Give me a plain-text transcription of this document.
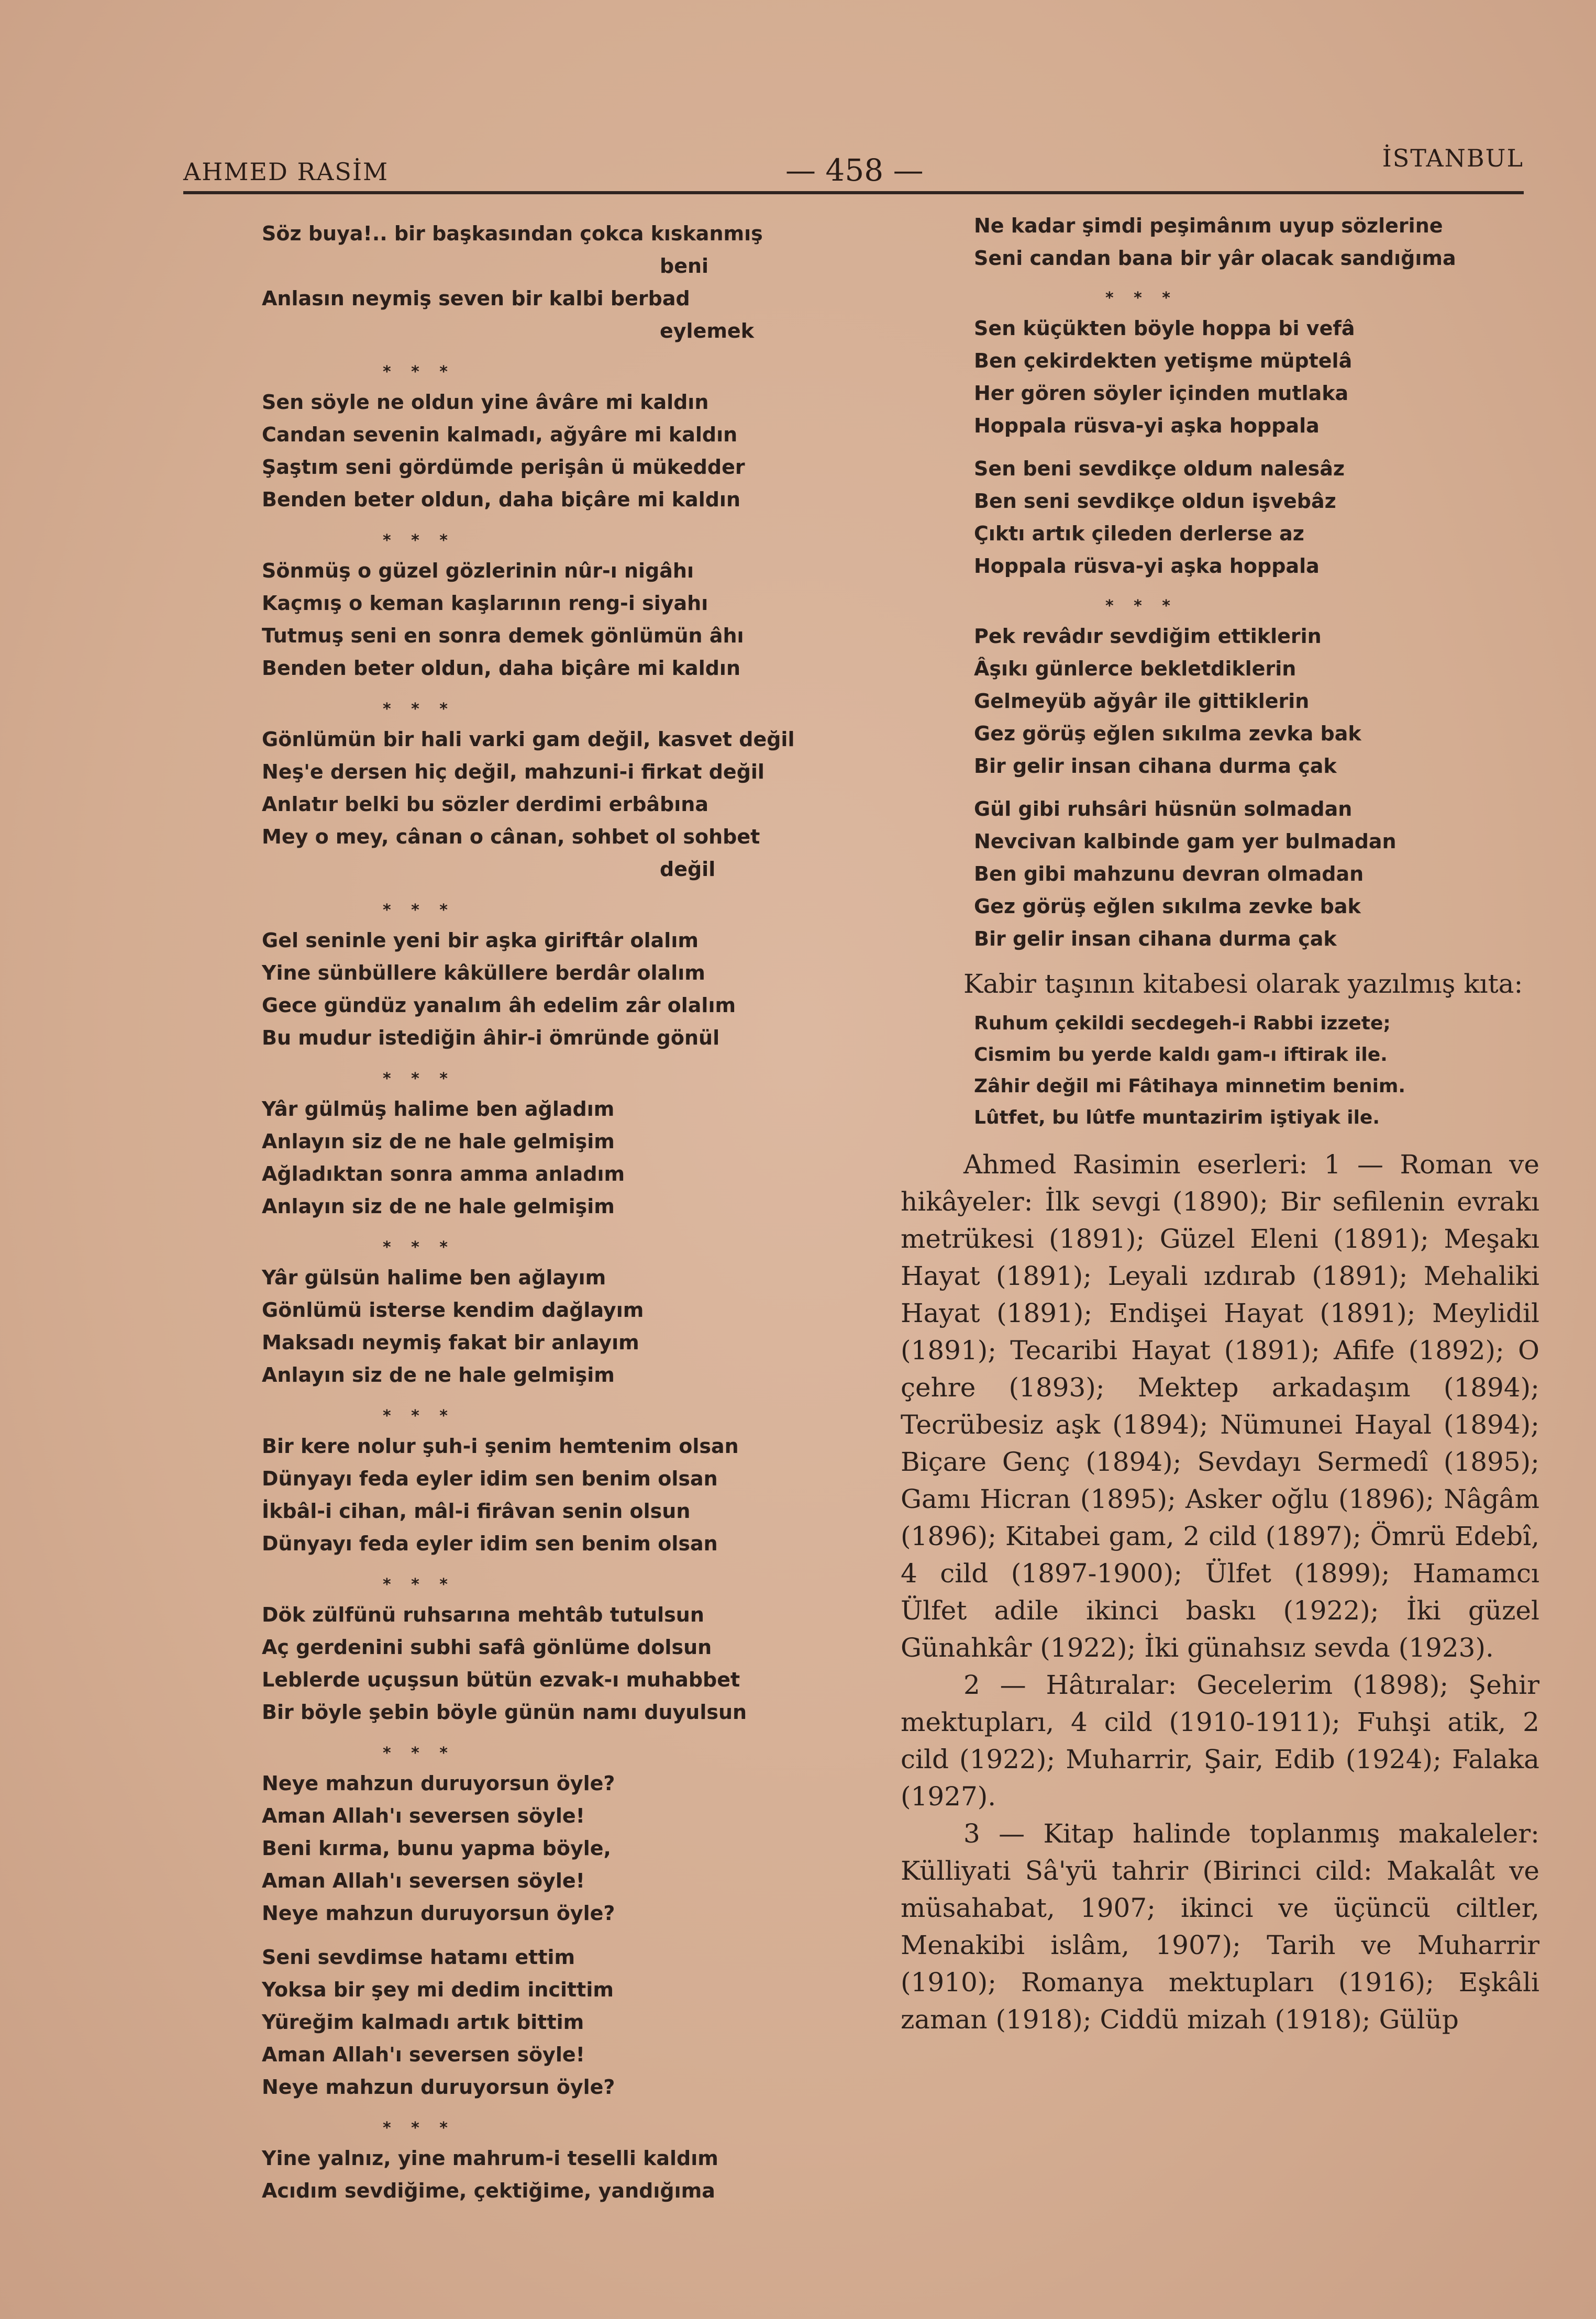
AHMED RASİM	— 458 —	İSTANBUL
Söz buya!.. bir başkasından çokca kıskanmış
beni
Anlasın neymiş seven bir kalbi berbad
eylemek
* * *
Sen söyle ne oldun yine âvâre mi kaldın
Candan sevenin kalmadı, ağyâre mi kaldın
Şaştım seni gördümde perişân ü mükedder
Benden beter oldun, daha biçâre mi kaldın
* * *
Sönmüş o güzel gözlerinin nûr-ı nigâhı
Kaçmış o keman kaşlarının reng-i siyahı
Tutmuş seni en sonra demek gönlümün âhı
Benden beter oldun, daha biçâre mi kaldın
* * *
Gönlümün bir hali varki gam değil, kasvet değil
Neş'e dersen hiç değil, mahzuni-i firkat değil
Anlatır belki bu sözler derdimi erbâbına
Mey o mey, cânan o cânan, sohbet ol sohbet
değil
* * *
Gel seninle yeni bir aşka giriftâr olalım
Yine sünbüllere kâküllere berdâr olalım
Gece gündüz yanalım âh edelim zâr olalım
Bu mudur istediğin âhir-i ömründe gönül
* * *
Yâr gülmüş halime ben ağladım
Anlayın siz de ne hale gelmişim
Ağladıktan sonra amma anladım
Anlayın siz de ne hale gelmişim
* * *
Yâr gülsün halime ben ağlayım
Gönlümü isterse kendim dağlayım
Maksadı neymiş fakat bir anlayım
Anlayın siz de ne hale gelmişim
* * *
Bir kere nolur şuh-i şenim hemtenim olsan
Dünyayı feda eyler idim sen benim olsan
İkbâl-i cihan, mâl-i firâvan senin olsun
Dünyayı feda eyler idim sen benim olsan
* * *
Dök zülfünü ruhsarına mehtâb tutulsun
Aç gerdenini subhi safâ gönlüme dolsun
Leblerde uçuşsun bütün ezvak-ı muhabbet
Bir böyle şebin böyle günün namı duyulsun
* * *
Neye mahzun duruyorsun öyle?
Aman Allah'ı seversen söyle!
Beni kırma, bunu yapma böyle,
Aman Allah'ı seversen söyle!
Neye mahzun duruyorsun öyle?
Seni sevdimse hatamı ettim
Yoksa bir şey mi dedim incittim
Yüreğim kalmadı artık bittim
Aman Allah'ı seversen söyle!
Neye mahzun duruyorsun öyle?
* * *
Yine yalnız, yine mahrum-i teselli kaldım
Acıdım sevdiğime, çektiğime, yandığıma
Ne kadar şimdi peşimânım uyup sözlerine
Seni candan bana bir yâr olacak sandığıma
* * *
Sen küçükten böyle hoppa bi vefâ
Ben çekirdekten yetişme müptelâ
Her gören söyler içinden mutlaka
Hoppala rüsva-yi aşka hoppala
Sen beni sevdikçe oldum nalesâz
Ben seni sevdikçe oldun işvebâz
Çıktı artık çileden derlerse az
Hoppala rüsva-yi aşka hoppala
* * *
Pek revâdır sevdiğim ettiklerin
Âşıkı günlerce bekletdiklerin
Gelmeyüb ağyâr ile gittiklerin
Gez görüş eğlen sıkılma zevka bak
Bir gelir insan cihana durma çak
Gül gibi ruhsâri hüsnün solmadan
Nevcivan kalbinde gam yer bulmadan
Ben gibi mahzunu devran olmadan
Gez görüş eğlen sıkılma zevke bak
Bir gelir insan cihana durma çak

Kabir taşının kitabesi olarak yazılmış kıta:

Ruhum çekildi secdegeh-i Rabbi izzete;
Cismim bu yerde kaldı gam-ı iftirak ile.
Zâhir değil mi Fâtihaya minnetim benim.
Lûtfet, bu lûtfe muntazirim iştiyak ile.

Ahmed Rasimin eserleri: 1 — Roman ve hikâyeler: İlk sevgi (1890); Bir sefilenin evrakı metrükesi (1891); Güzel Eleni (1891); Meşakı Hayat (1891); Leyali ızdırab (1891); Mehaliki Hayat (1891); Endişei Hayat (1891); Meylidil (1891); Tecaribi Hayat (1891); Afife (1892); O çehre (1893); Mektep arkadaşım (1894); Tecrübesiz aşk (1894); Nümunei Hayal (1894); Biçare Genç (1894); Sevdayı Sermedî (1895); Gamı Hicran (1895); Asker oğlu (1896); Nâgâm (1896); Kitabei gam, 2 cild (1897); Ömrü Edebî, 4 cild (1897-1900); Ülfet (1899); Hamamcı Ülfet adile ikinci baskı (1922); İki güzel Günahkâr (1922); İki günahsız sevda (1923).

2 — Hâtıralar: Gecelerim (1898); Şehir mektupları, 4 cild (1910-1911); Fuhşi atik, 2 cild (1922); Muharrir, Şair, Edib (1924); Falaka (1927).

3 — Kitap halinde toplanmış makaleler: Külliyati Sâ'yü tahrir (Birinci cild: Makalât ve müsahabat, 1907; ikinci ve üçüncü ciltler, Menakibi islâm, 1907); Tarih ve Muharrir (1910); Romanya mektupları (1916); Eşkâli zaman (1918); Ciddü mizah (1918); Gülüp
